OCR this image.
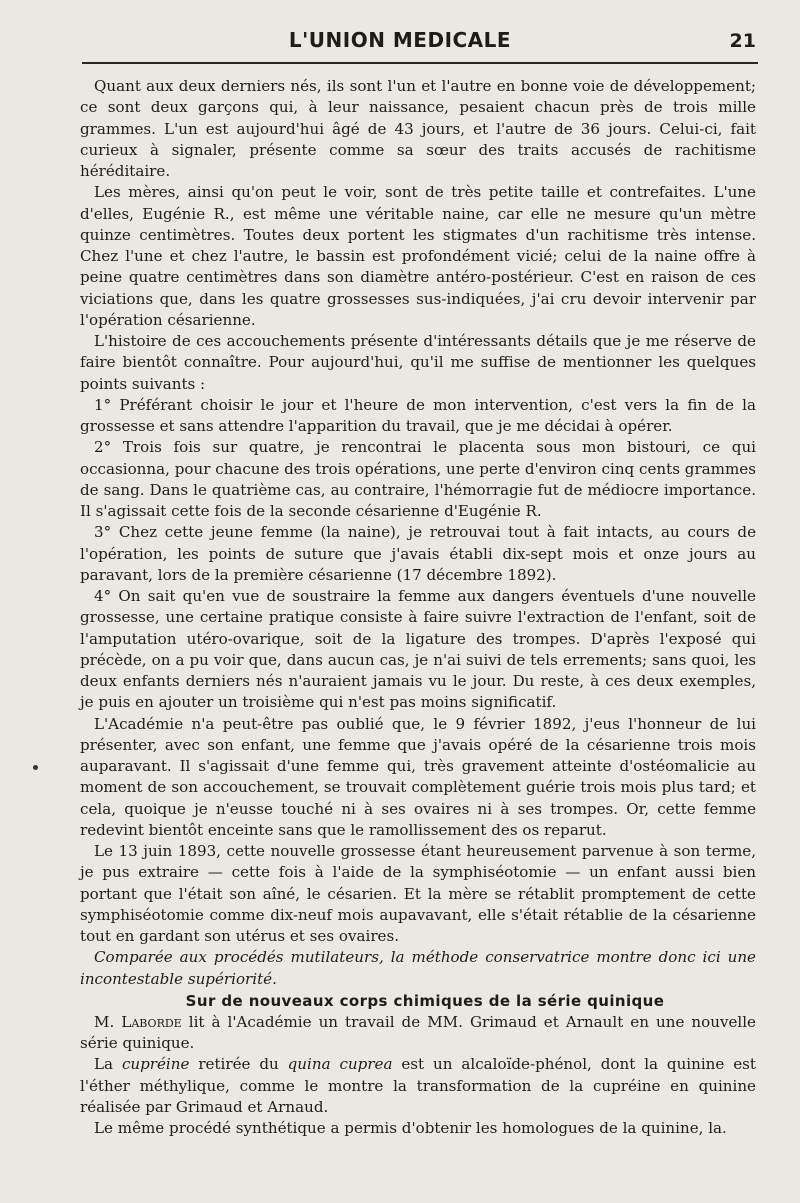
L'UNION MEDICALE	21

Quant aux deux derniers nés, ils sont l'un et l'autre en bonne voie de développement; ce sont deux garçons qui, à leur naissance, pesaient chacun près de trois mille grammes. L'un est aujourd'hui âgé de 43 jours, et l'autre de 36 jours. Celui-ci, fait curieux à signaler, présente comme sa sœur des traits accusés de rachitisme héréditaire.

Les mères, ainsi qu'on peut le voir, sont de très petite taille et contrefaites. L'une d'elles, Eugénie R., est même une véritable naine, car elle ne mesure qu'un mètre quinze centimètres. Toutes deux portent les stigmates d'un rachitisme très intense. Chez l'une et chez l'autre, le bassin est profondément vicié; celui de la naine offre à peine quatre centimètres dans son diamètre antéro-postérieur. C'est en raison de ces viciations que, dans les quatre grossesses sus-indiquées, j'ai cru devoir intervenir par l'opération césarienne.

L'histoire de ces accouchements présente d'intéressants détails que je me réserve de faire bientôt connaître. Pour aujourd'hui, qu'il me suffise de mentionner les quelques points suivants :

1° Préférant choisir le jour et l'heure de mon intervention, c'est vers la fin de la grossesse et sans attendre l'apparition du travail, que je me décidai à opérer.

2° Trois fois sur quatre, je rencontrai le placenta sous mon bistouri, ce qui occasionna, pour chacune des trois opérations, une perte d'environ cinq cents grammes de sang. Dans le quatrième cas, au contraire, l'hémorragie fut de médiocre importance. Il s'agissait cette fois de la seconde césarienne d'Eugénie R.

3° Chez cette jeune femme (la naine), je retrouvai tout à fait intacts, au cours de l'opération, les points de suture que j'avais établi dix-sept mois et onze jours au paravant, lors de la première césarienne (17 décembre 1892).

4° On sait qu'en vue de soustraire la femme aux dangers éventuels d'une nouvelle grossesse, une certaine pratique consiste à faire suivre l'extraction de l'enfant, soit de l'amputation utéro-ovarique, soit de la ligature des trompes. D'après l'exposé qui précède, on a pu voir que, dans aucun cas, je n'ai suivi de tels errements; sans quoi, les deux enfants derniers nés n'auraient jamais vu le jour. Du reste, à ces deux exemples, je puis en ajouter un troisième qui n'est pas moins significatif.

L'Académie n'a peut-être pas oublié que, le 9 février 1892, j'eus l'honneur de lui présenter, avec son enfant, une femme que j'avais opéré de la césarienne trois mois auparavant. Il s'agissait d'une femme qui, très gravement atteinte d'ostéomalicie au moment de son accouchement, se trouvait complètement guérie trois mois plus tard; et cela, quoique je n'eusse touché ni à ses ovaires ni à ses trompes. Or, cette femme redevint bientôt enceinte sans que le ramollissement des os reparut.

Le 13 juin 1893, cette nouvelle grossesse étant heureusement parvenue à son terme, je pus extraire — cette fois à l'aide de la symphiséotomie — un enfant aussi bien portant que l'était son aîné, le césarien. Et la mère se rétablit promptement de cette symphiséotomie comme dix-neuf mois aupavavant, elle s'était rétablie de la césarienne tout en gardant son utérus et ses ovaires.

Comparée aux procédés mutilateurs, la méthode conservatrice montre donc ici une incontestable supériorité.

Sur de nouveaux corps chimiques de la série quinique

M. Laborde lit à l'Académie un travail de MM. Grimaud et Arnault en une nouvelle série quinique.

La cupréine retirée du quina cuprea est un alcaloïde-phénol, dont la quinine est l'éther méthylique, comme le montre la transformation de la cupréine en quinine réalisée par Grimaud et Arnaud.

Le même procédé synthétique a permis d'obtenir les homologues de la quinine, la.
